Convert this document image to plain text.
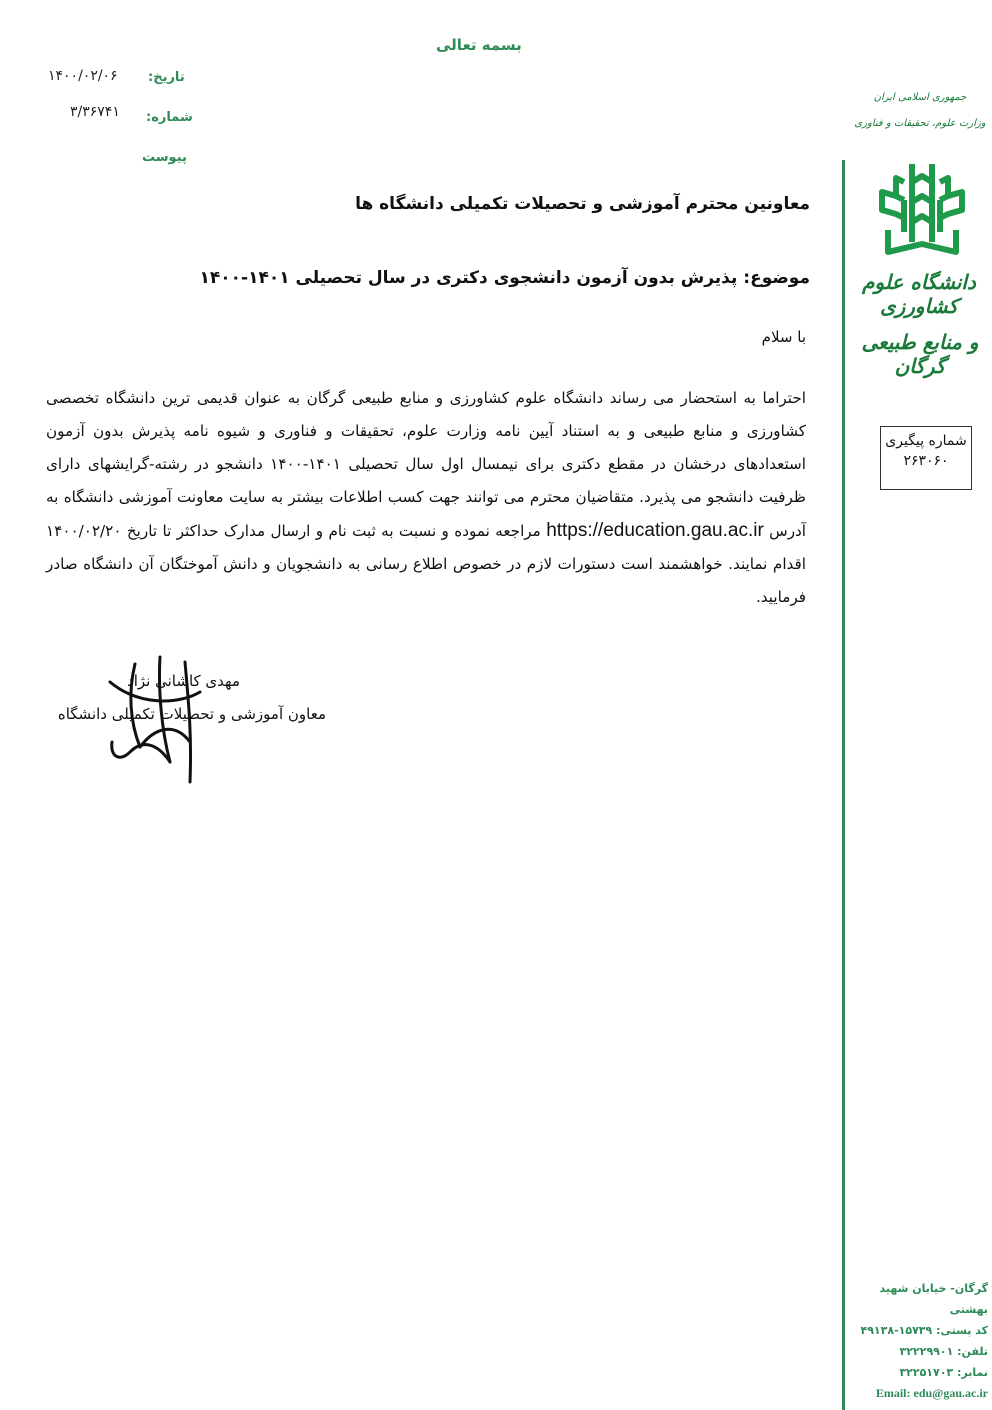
بسمه تعالی
تاریخ:
۱۴۰۰/۰۲/۰۶
شماره:
۳/۳۶۷۴۱
پیوست
جمهوری اسلامی ایران
وزارت علوم، تحقیقات و فناوری
دانشگاه علوم کشاورزی
و منابع طبیعی گرگان
شماره پیگیری
۲۶۳۰۶۰
معاونین محترم آموزشی و تحصیلات تکمیلی دانشگاه ها
موضوع: پذیرش بدون آزمون دانشجوی دکتری در سال تحصیلی ۱۴۰۱-۱۴۰۰
با سلام
احتراما به استحضار می رساند دانشگاه علوم کشاورزی و منابع طبیعی گرگان به عنوان قدیمی ترین دانشگاه تخصصی کشاورزی و منابع طبیعی و به استناد آیین نامه وزارت علوم، تحقیقات و فناوری و شیوه نامه پذیرش بدون آزمون استعدادهای درخشان در مقطع دکتری برای نیمسال اول سال تحصیلی ۱۴۰۱-۱۴۰۰ دانشجو در رشته-گرایشهای دارای ظرفیت دانشجو می پذیرد. متقاضیان محترم می توانند جهت کسب اطلاعات بیشتر به سایت معاونت آموزشی دانشگاه به آدرس https://education.gau.ac.ir مراجعه نموده و نسبت به ثبت نام و ارسال مدارک حداکثر تا تاریخ ۱۴۰۰/۰۲/۲۰ اقدام نمایند. خواهشمند است دستورات لازم در خصوص اطلاع رسانی به دانشجویان و دانش آموختگان آن دانشگاه صادر فرمایید.
مهدی کاشانی نژاد
معاون آموزشی و تحصیلات تکمیلی دانشگاه
گرگان- خیابان شهید بهشتی
کد پستی: ۱۵۷۳۹-۴۹۱۳۸
تلفن: ۳۲۲۲۹۹۰۱
نمابر: ۳۲۲۵۱۷۰۳
Email: edu@gau.ac.ir
